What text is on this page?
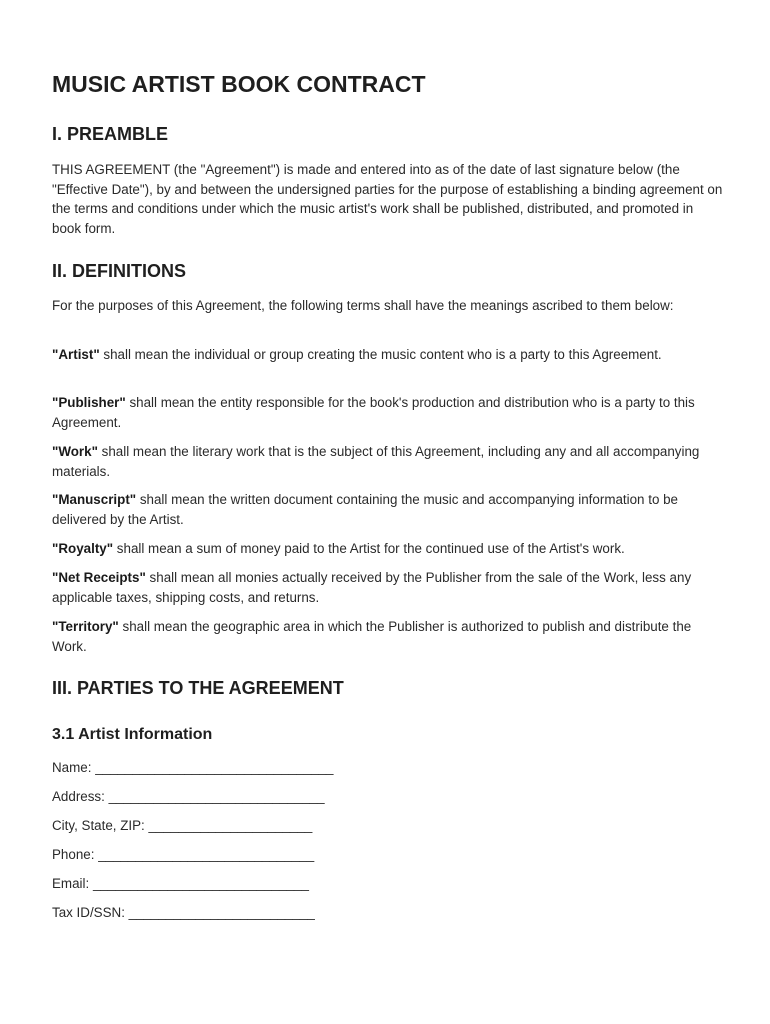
MUSIC ARTIST BOOK CONTRACT
I. PREAMBLE

THIS AGREEMENT (the "Agreement") is made and entered into as of the date of last signature below (the "Effective Date"), by and between the undersigned parties for the purpose of establishing a binding agreement on the terms and conditions under which the music artist's work shall be published, distributed, and promoted in book form.

II. DEFINITIONS

For the purposes of this Agreement, the following terms shall have the meanings ascribed to them below:

"Artist" shall mean the individual or group creating the music content who is a party to this Agreement.

"Publisher" shall mean the entity responsible for the book's production and distribution who is a party to this Agreement.

"Work" shall mean the literary work that is the subject of this Agreement, including any and all accompanying materials.

"Manuscript" shall mean the written document containing the music and accompanying information to be delivered by the Artist.

"Royalty" shall mean a sum of money paid to the Artist for the continued use of the Artist's work.

"Net Receipts" shall mean all monies actually received by the Publisher from the sale of the Work, less any applicable taxes, shipping costs, and returns.

"Territory" shall mean the geographic area in which the Publisher is authorized to publish and distribute the Work.

III. PARTIES TO THE AGREEMENT
3.1 Artist Information

Name: ________________________________

Address: _____________________________

City, State, ZIP: ______________________

Phone: _____________________________

Email: _____________________________

Tax ID/SSN: _________________________
